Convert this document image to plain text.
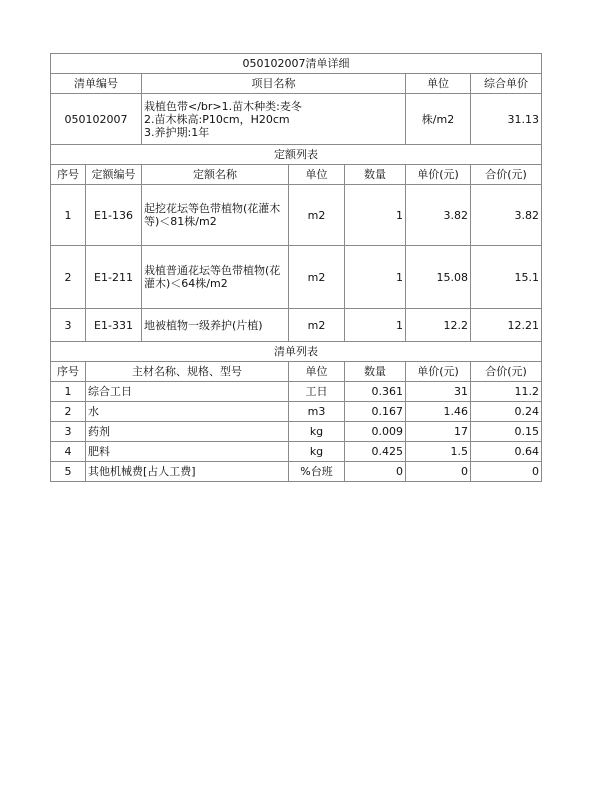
050102007清单详细						
清单编号		项目名称			单位	综合单价
050102007		栽植色带</br>1.苗木种类:麦冬
2.苗木株高:P10cm，H20cm
3.养护期:1年			株/m2	31.13
定额列表						
序号	定额编号	定额名称	单位	数量	单价(元)	合价(元)
1	E1-136	起挖花坛等色带植物(花灌木等)＜81株/m2	m2	1	3.82	3.82
2	E1-211	栽植普通花坛等色带植物(花灌木)＜64株/m2	m2	1	15.08	15.1
3	E1-331	地被植物一级养护(片植)	m2	1	12.2	12.21
清单列表						
序号	主材名称、规格、型号		单位	数量	单价(元)	合价(元)
1	综合工日		工日	0.361	31	11.2
2	水		m3	0.167	1.46	0.24
3	药剂		kg	0.009	17	0.15
4	肥料		kg	0.425	1.5	0.64
5	其他机械费[占人工费]		%台班	0	0	0
